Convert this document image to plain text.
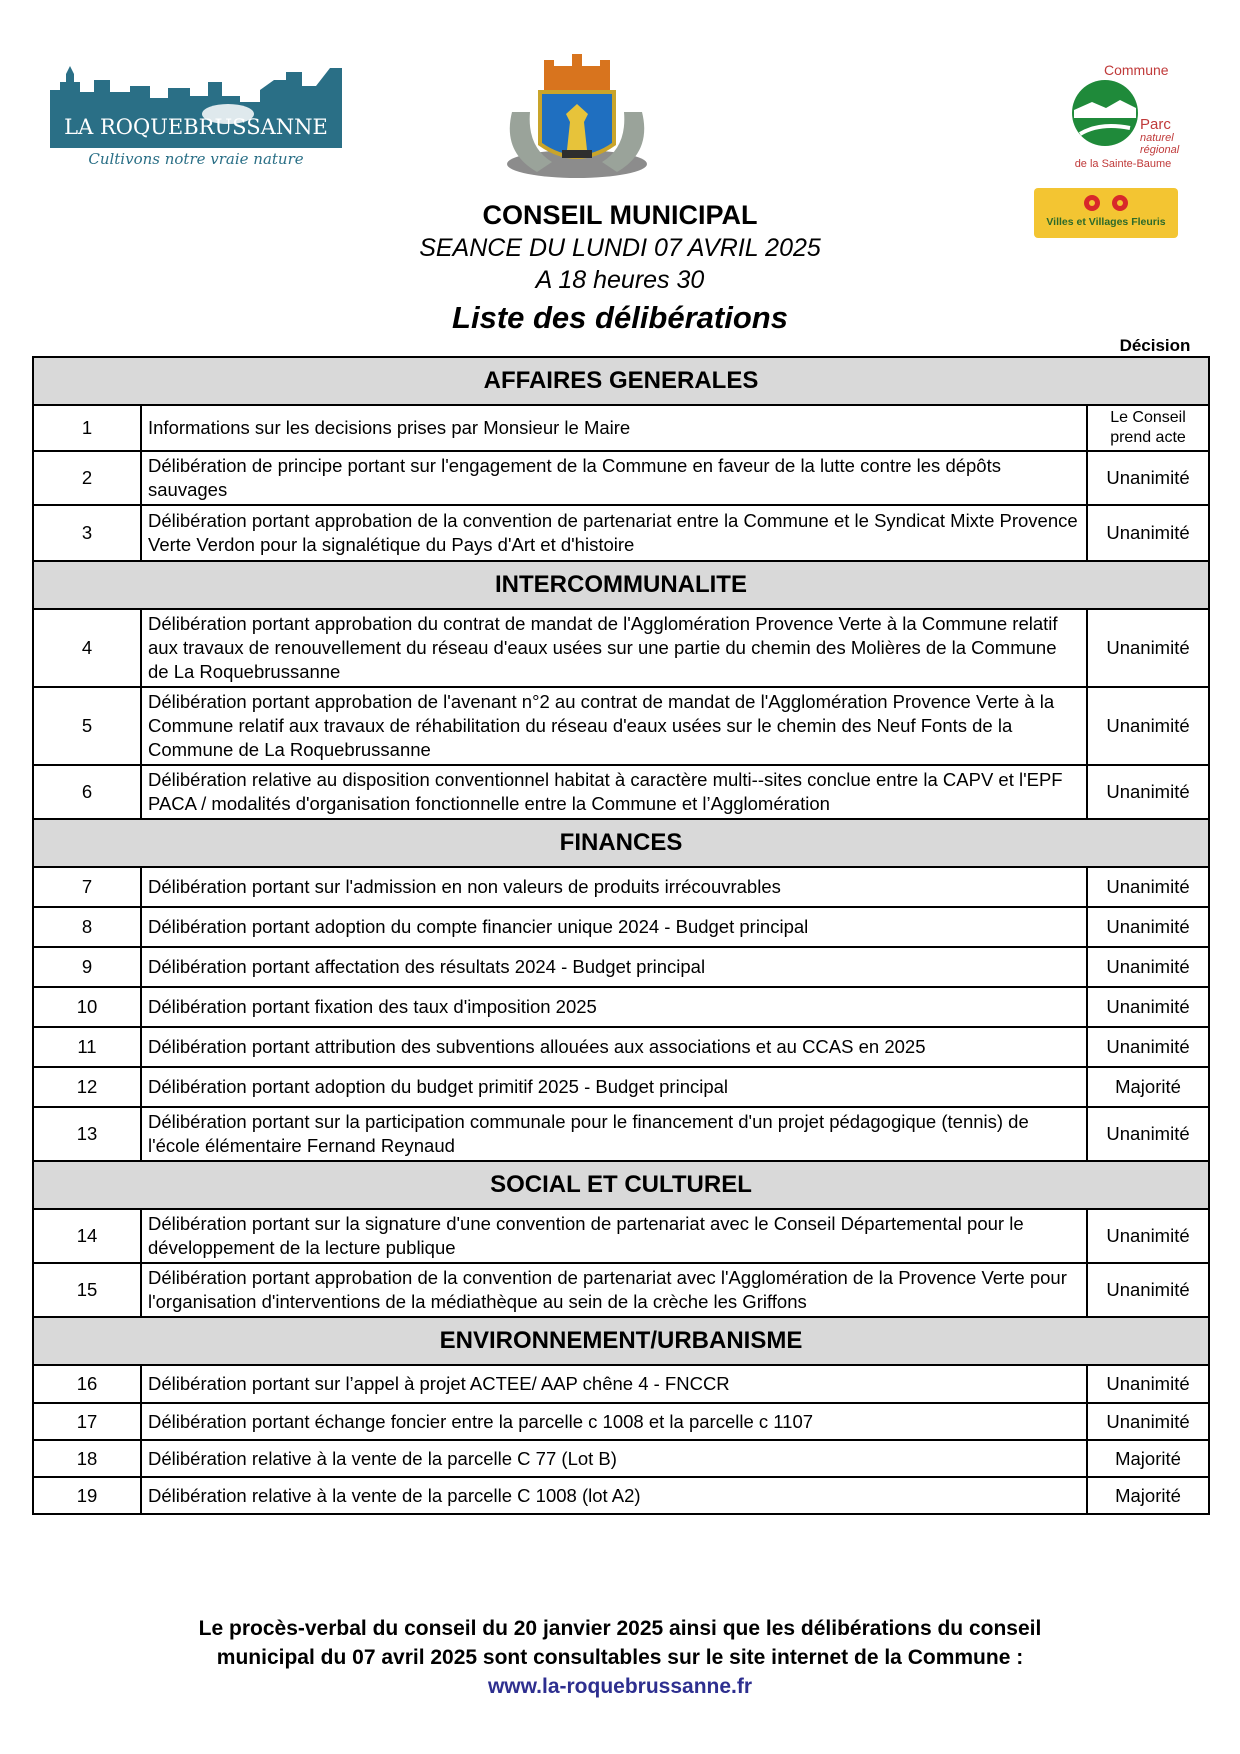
LA ROQUEBRUSSANNE
Cultivons notre vraie nature
Commune
Parc
naturel régional
de la Sainte-Baume
Villes et Villages Fleuris
CONSEIL MUNICIPAL
SEANCE DU LUNDI 07 AVRIL 2025
A 18 heures 30
Liste des délibérations
Décision
AFFAIRES GENERALES		
1	Informations sur les decisions prises par Monsieur le Maire	Le Conseil prend acte
2	Délibération de principe portant sur l'engagement de la Commune en faveur de la lutte contre les dépôts sauvages	Unanimité
3	Délibération portant approbation de la convention de partenariat entre la Commune et le Syndicat Mixte Provence Verte Verdon pour la signalétique du Pays d'Art et d'histoire	Unanimité
INTERCOMMUNALITE		
4	Délibération portant approbation du contrat de mandat de l'Agglomération Provence Verte à la Commune relatif aux travaux de renouvellement du réseau d'eaux usées sur une partie du chemin des Molières de la Commune de La Roquebrussanne	Unanimité
5	Délibération portant approbation de l'avenant n°2 au contrat de mandat de l'Agglomération Provence Verte à la Commune relatif aux travaux de réhabilitation du réseau d'eaux usées sur le chemin des Neuf Fonts de la Commune de La Roquebrussanne	Unanimité
6	Délibération relative au disposition conventionnel habitat à caractère multi--sites conclue entre la CAPV et l'EPF PACA / modalités d'organisation fonctionnelle entre la Commune et l’Agglomération	Unanimité
FINANCES		
7	Délibération portant sur l'admission en non valeurs de produits irrécouvrables	Unanimité
8	Délibération portant adoption du compte financier unique 2024 - Budget principal	Unanimité
9	Délibération portant affectation des résultats 2024 - Budget principal	Unanimité
10	Délibération portant fixation des taux d'imposition 2025	Unanimité
11	Délibération portant attribution des subventions allouées aux associations et au CCAS en 2025	Unanimité
12	Délibération portant adoption du budget primitif 2025 - Budget principal	Majorité
13	Délibération portant sur la participation communale pour le financement d'un projet pédagogique (tennis) de l'école élémentaire Fernand Reynaud	Unanimité
SOCIAL ET CULTUREL		
14	Délibération portant sur la signature d'une convention de partenariat avec le Conseil Départemental pour le développement de la lecture publique	Unanimité
15	Délibération portant approbation de la convention de partenariat avec l'Agglomération de la Provence Verte pour l'organisation d'interventions de la médiathèque au sein de la crèche les Griffons	Unanimité
ENVIRONNEMENT/URBANISME		
16	Délibération portant sur l’appel à projet ACTEE/ AAP chêne 4 - FNCCR	Unanimité
17	Délibération portant échange foncier entre la parcelle c 1008 et la parcelle c 1107	Unanimité
18	Délibération relative à la vente de la parcelle C 77 (Lot B)	Majorité
19	Délibération relative à la vente de la parcelle C 1008 (lot A2)	Majorité
Le procès-verbal du conseil du 20 janvier 2025 ainsi que les délibérations du conseil
municipal du 07 avril 2025 sont consultables sur le site internet de la Commune :
www.la-roquebrussanne.fr
